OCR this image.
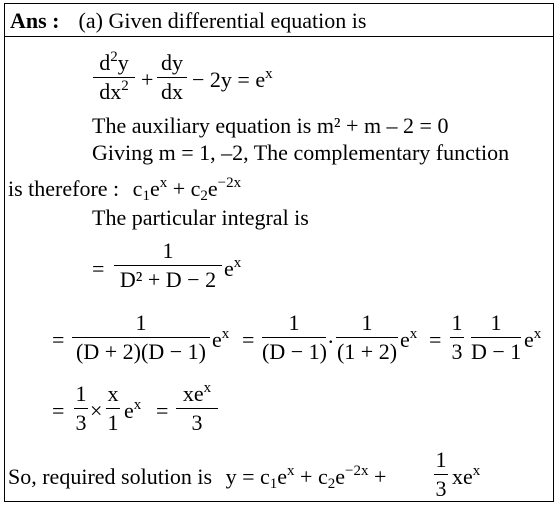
Ans : (a) Given differential equation is
$d^2y$
$dx^2$ +
dy
dx − $2y = e^x$
The auxiliary equation is m² + m – 2 = 0
Giving m = 1, –2, The complementary function
is therefore : $c1e^x + c2e^{-2x}$
The particular integral is
=
1
D² + D − 2 $e^x$
=
1
(D + 2)(D − 1) $e^x$ =
1
(D − 1)
.
1
(1 + 2) $e^x$ =
1
3
1
D − 1 $e^x$
=
1
3 ×
x
1 $e^x$ =
$xe^x$
3
So, required solution is $y = c1e^x + c2e^{-2x}$ +
1
3 $xe^x$
